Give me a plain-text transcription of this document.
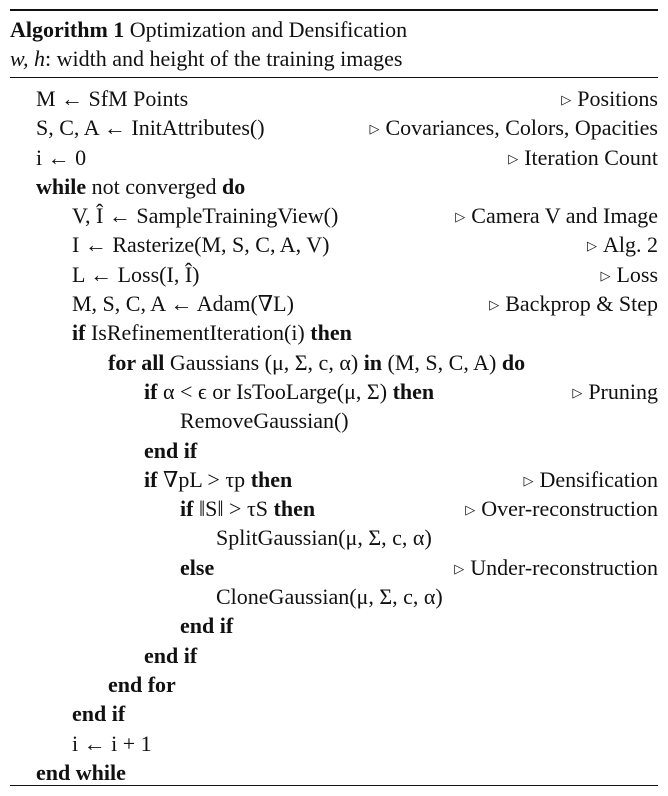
Algorithm 1 Optimization and Densification
w, h: width and height of the training images
M ← SfM Points	▷ Positions
S, C, A ← InitAttributes()	▷ Covariances, Colors, Opacities
i ← 0	▷ Iteration Count
while not converged do
V, Î ← SampleTrainingView()	▷ Camera V and Image
I ← Rasterize(M, S, C, A, V)	▷ Alg. 2
L ← Loss(I, Î)	▷ Loss
M, S, C, A ← Adam(∇L)	▷ Backprop & Step
if IsRefinementIteration(i) then
for all Gaussians (μ, Σ, c, α) in (M, S, C, A) do
if α < ϵ or IsTooLarge(μ, Σ) then	▷ Pruning
RemoveGaussian()
end if
if ∇pL > τp then	▷ Densification
if ‖S‖ > τS then	▷ Over-reconstruction
SplitGaussian(μ, Σ, c, α)
else	▷ Under-reconstruction
CloneGaussian(μ, Σ, c, α)
end if
end if
end for
end if
i ← i + 1
end while
